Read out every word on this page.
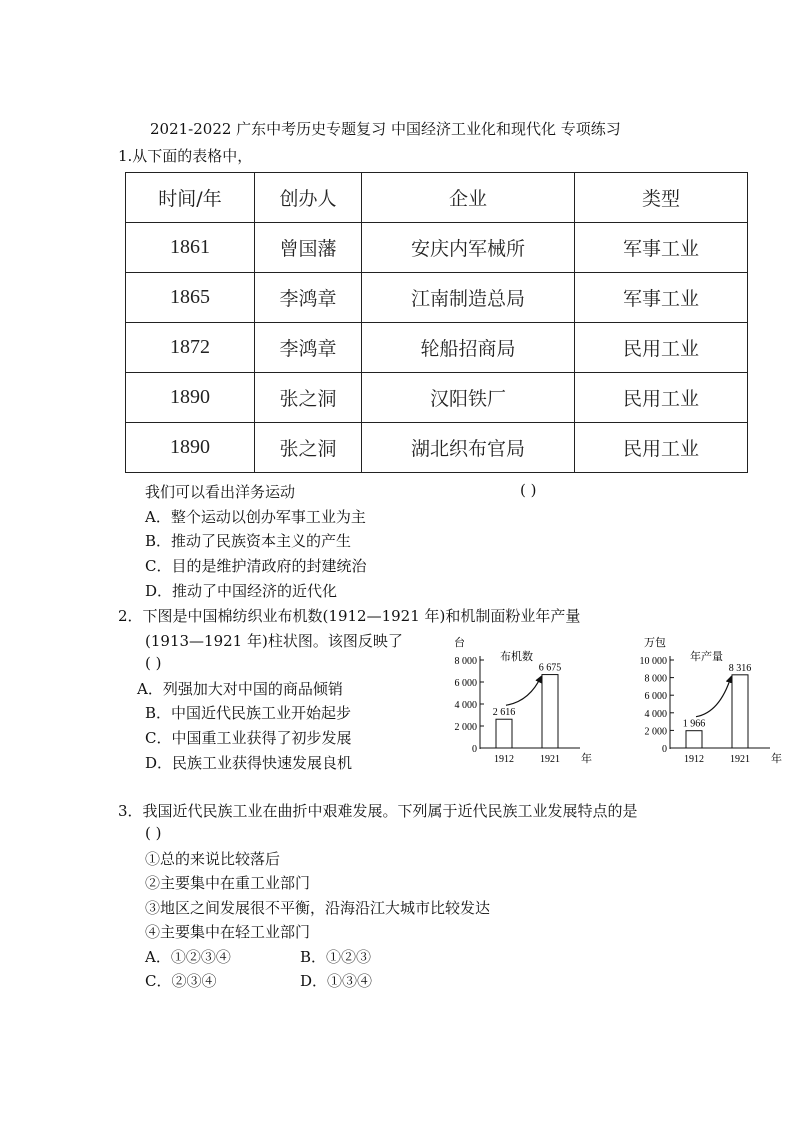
2021-2022 广东中考历史专题复习 中国经济工业化和现代化 专项练习
1.从下面的表格中，
时间/年	创办人	企业	类型
1861	曾国藩	安庆内军械所	军事工业
1865	李鸿章	江南制造总局	军事工业
1872	李鸿章	轮船招商局	民用工业
1890	张之洞	汉阳铁厂	民用工业
1890	张之洞	湖北织布官局	民用工业
我们可以看出洋务运动	( )
A．整个运动以创办军事工业为主
B．推动了民族资本主义的产生
C．目的是维护清政府的封建统治
D．推动了中国经济的近代化
2．下图是中国棉纺织业布机数(1912—1921 年)和机制面粉业年产量
(1913—1921 年)柱状图。该图反映了
( )
A．列强加大对中国的商品倾销
B．中国近代民族工业开始起步
C．中国重工业获得了初步发展
D．民族工业获得快速发展良机
台
布机数
年
0
2 000
4 000
6 000
8 000
1912
2 616
1921
6 675
万包
年产量
年
0
2 000
4 000
6 000
8 000
10 000
1912
1 966
1921
8 316
3．我国近代民族工业在曲折中艰难发展。下列属于近代民族工业发展特点的是
( )
①总的来说比较落后
②主要集中在重工业部门
③地区之间发展很不平衡，沿海沿江大城市比较发达
④主要集中在轻工业部门
A．①②③④	B．①②③
C．②③④	D．①③④
